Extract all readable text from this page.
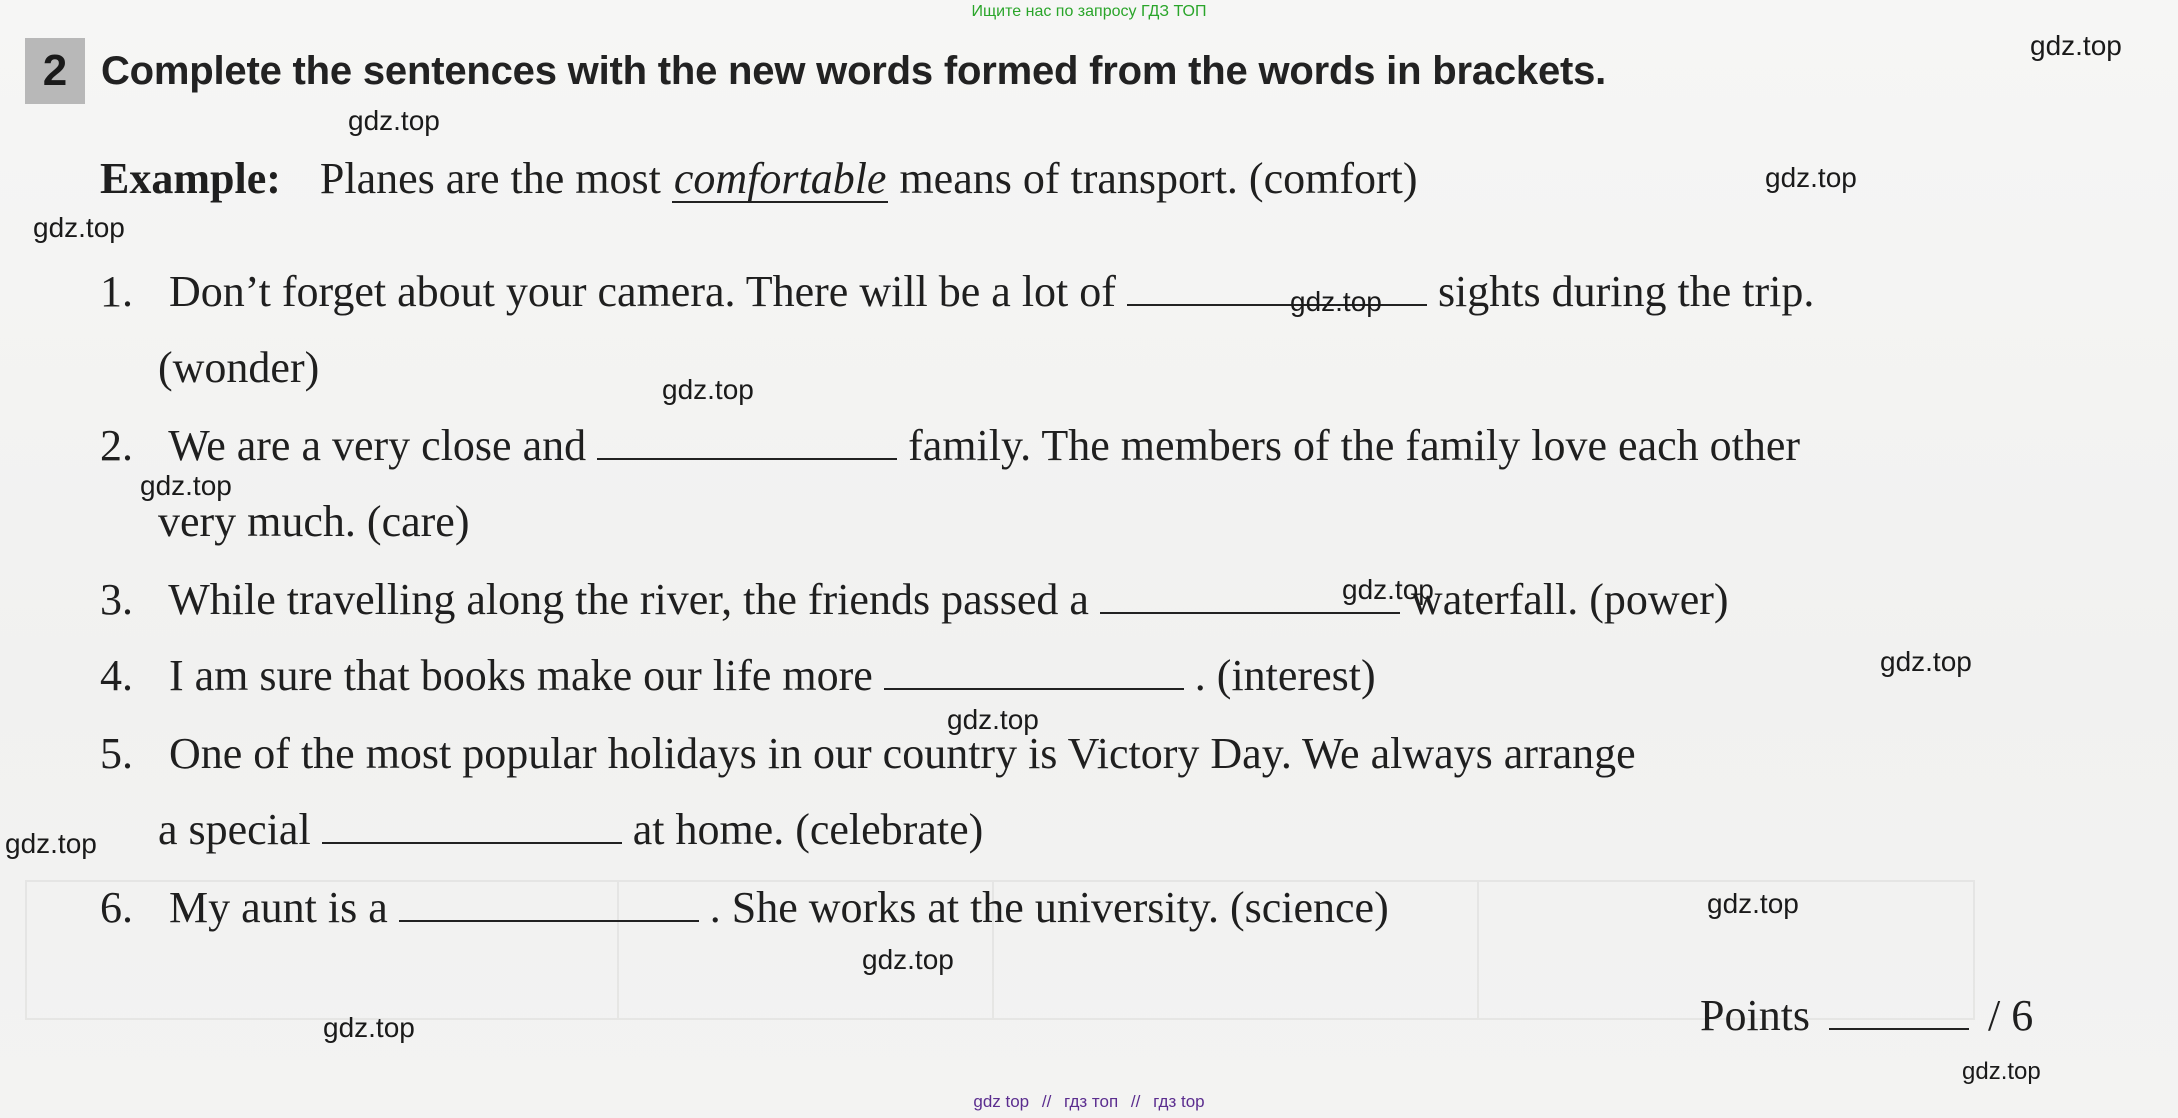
Ищите нас по запросу ГДЗ ТОП
2 Complete the sentences with the new words formed from the words in brackets.
Example: Planes are the most comfortable means of transport. (comfort)
1. Don’t forget about your camera. There will be a lot of	sights during the trip.
(wonder)
2. We are a very close and	family. The members of the family love each other
very much. (care)
3. While travelling along the river, the friends passed a	waterfall. (power)
4. I am sure that books make our life more	. (interest)
5. One of the most popular holidays in our country is Victory Day. We always arrange
a special	at home. (celebrate)
6. My aunt is a	. She works at the university. (science)
Points	/ 6
gdz.top
gdz.top
gdz.top
gdz.top
gdz.top
gdz.top
gdz.top
gdz.top
gdz.top
gdz.top
gdz.top
gdz.top
gdz.top
gdz.top
gdz.top
gdz top // гдз топ // гдз top
